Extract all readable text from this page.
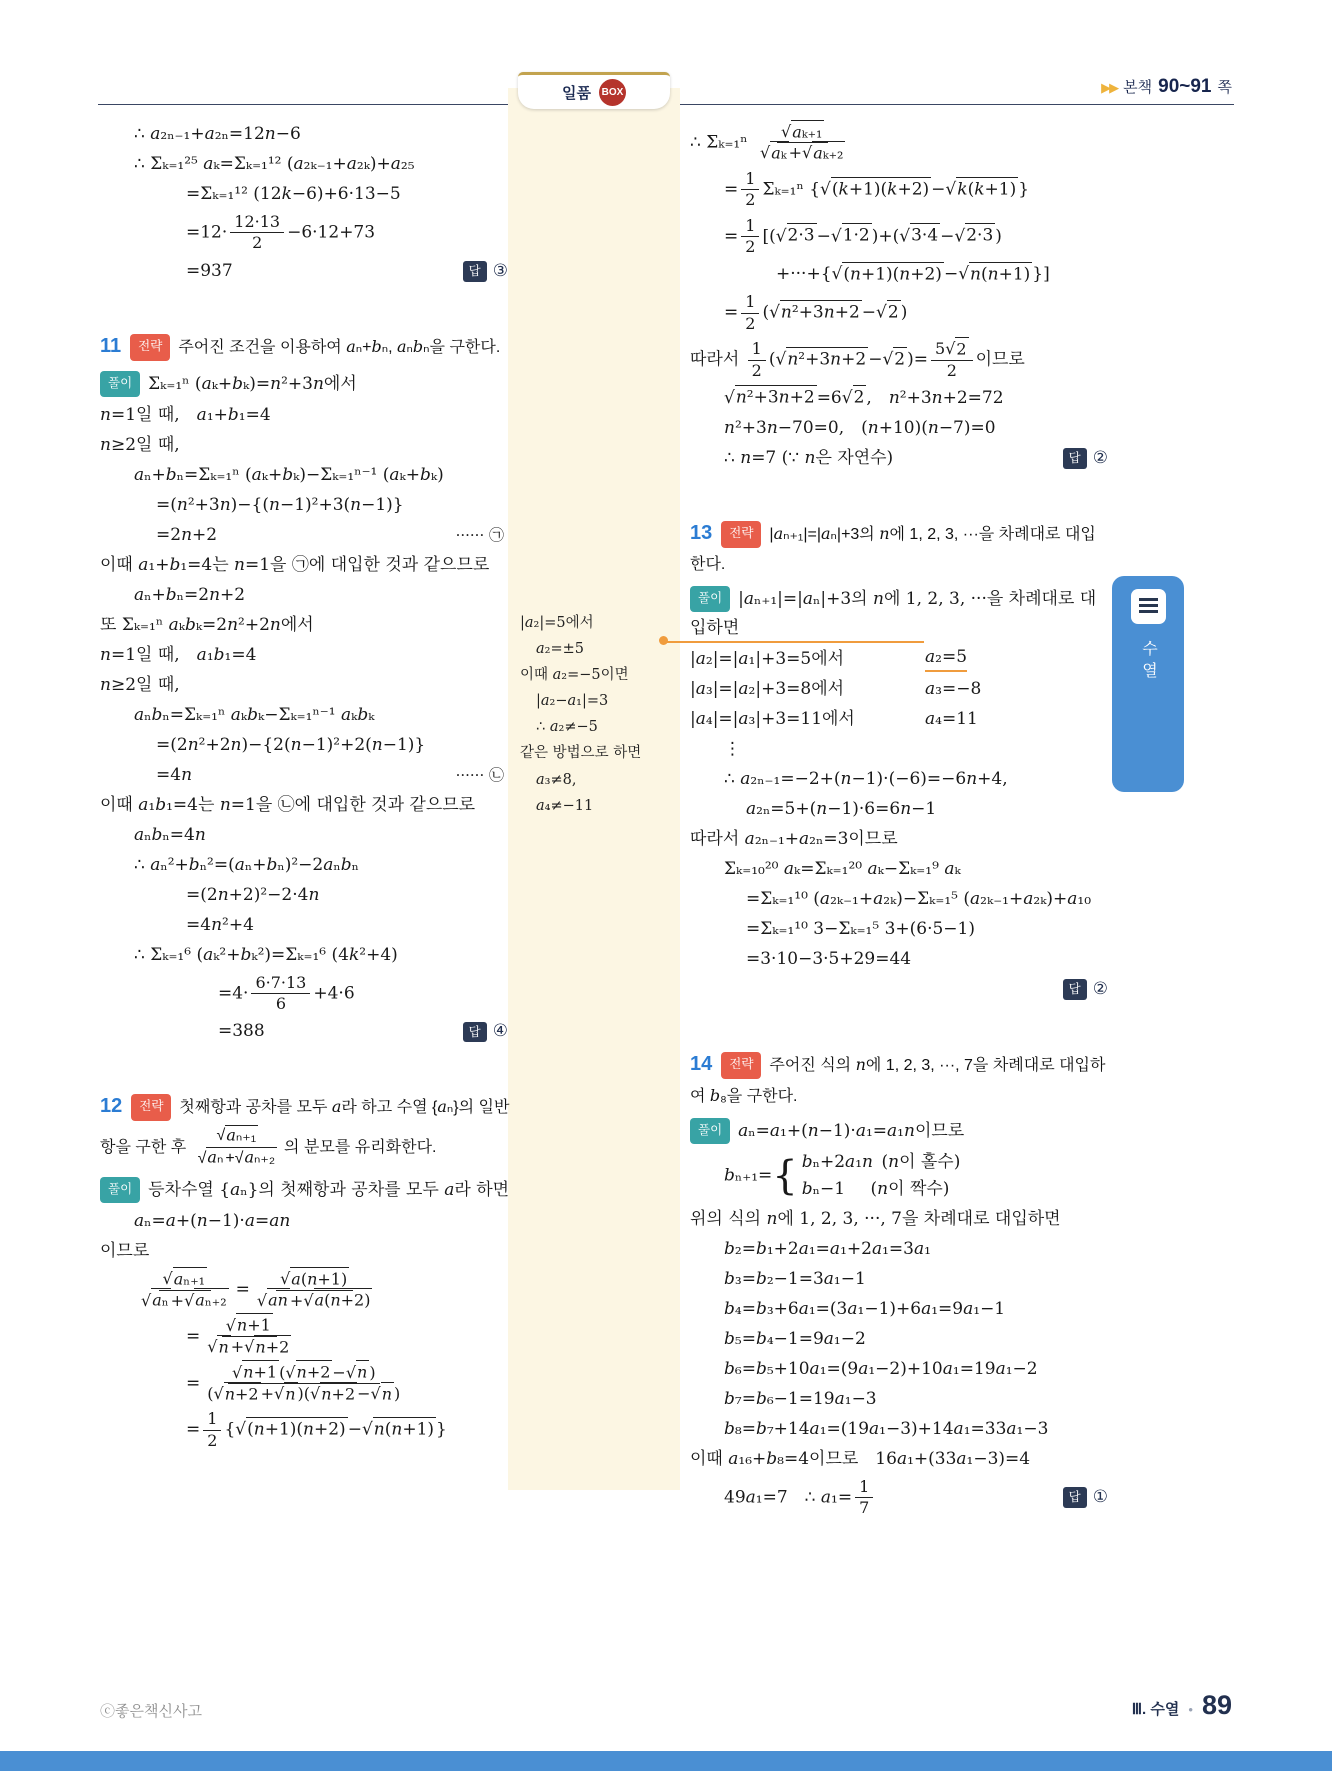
▶▶ 본책 90~91 쪽
일품 BOX
|a₂|=5에서
a₂=±5
이때 a₂=−5이면
|a₂−a₁|=3
∴ a₂≠−5
같은 방법으로 하면
a₃≠8,
a₄≠−11
∴ a₂ₙ₋₁+a₂ₙ=12n−6
∴ Σₖ₌₁²⁵ aₖ=Σₖ₌₁¹² (a₂ₖ₋₁+a₂ₖ)+a₂₅
=Σₖ₌₁¹² (12k−6)+6·13−5
$=12\cdot \frac{12\cdot 13}{2} -6\cdot 12+73$
=937	답 ③
11 전략 주어진 조건을 이용하여 aₙ+bₙ, aₙbₙ을 구한다.
풀이 Σₖ₌₁ⁿ (aₖ+bₖ)=n²+3n에서
n=1일 때, a₁+b₁=4
n≥2일 때,
aₙ+bₙ=Σₖ₌₁ⁿ (aₖ+bₖ)−Σₖ₌₁ⁿ⁻¹ (aₖ+bₖ)
=(n²+3n)−{(n−1)²+3(n−1)}
=2n+2	······ ㉠
이때 a₁+b₁=4는 n=1을 ㉠에 대입한 것과 같으므로
aₙ+bₙ=2n+2
또 Σₖ₌₁ⁿ aₖbₖ=2n²+2n에서
n=1일 때, a₁b₁=4
n≥2일 때,
aₙbₙ=Σₖ₌₁ⁿ aₖbₖ−Σₖ₌₁ⁿ⁻¹ aₖbₖ
=(2n²+2n)−{2(n−1)²+2(n−1)}
=4n	······ ㉡
이때 a₁b₁=4는 n=1을 ㉡에 대입한 것과 같으므로
aₙbₙ=4n
∴ aₙ²+bₙ²=(aₙ+bₙ)²−2aₙbₙ
=(2n+2)²−2·4n
=4n²+4
∴ Σₖ₌₁⁶ (aₖ²+bₖ²)=Σₖ₌₁⁶ (4k²+4)
$=4\cdot \frac{6\cdot 7\cdot 13}{6} +4\cdot 6$
=388	답 ④
12 전략 첫째항과 공차를 모두 a라 하고 수열 {aₙ}의 일반항을 구한 후 $\frac{\text{√aₙ₊₁}}{\text{√aₙ +√aₙ₊₂}}$ 의 분모를 유리화한다.
풀이 등차수열 {aₙ}의 첫째항과 공차를 모두 a라 하면
aₙ=a+(n−1)·a=an
이므로
$\frac{\text{√aₙ₊₁}}{\text{√aₙ +√aₙ₊₂}} = \frac{√a(n+1)}{√an +√a(n+2)}$
= $\frac{√n+1}{√n +√n+2}$
= $\frac{√n+1 (√n+2 -√n )}{(√n+2 +√n )(√n+2 -√n )}$
= $\frac{1}{2} \{√(n+1)(n+2) -√n(n+1)$ }
∴ $\Sigma_{k=1}^n \frac{\text{√aₖ₊₁}}{\text{√aₖ +√aₖ₊₂}}$
= $\frac{1}{2} \Sigma_{k=1}^n$ {√(k+1)(k+2) −√k(k+1) }
= $\frac{1}{2} [(√2\cdot 3 -√1\cdot 2$ )+(√3·4 −√2·3 )
+···+{√(n+1)(n+2) −√n(n+1) }]
= $\frac{1}{2} (√n^2+3n+2 -√2$ )
따라서 $\frac{1}{2} (√n^2+3n+2 -√2$ )= $\frac{5√2}{2}$ 이므로
√n²+3n+2 =6√2 , n²+3n+2=72
n²+3n−70=0, (n+10)(n−7)=0
∴ n=7 (∵ n은 자연수)	답 ②
13 전략 |aₙ₊₁|=|aₙ|+3의 n에 1, 2, 3, ···을 차례대로 대입한다.
풀이 |aₙ₊₁|=|aₙ|+3의 n에 1, 2, 3, ···을 차례대로 대입하면
|a₂|=|a₁|+3=5에서	a₂=5
|a₃|=|a₂|+3=8에서	a₃=−8
|a₄|=|a₃|+3=11에서	a₄=11
⋮
∴ a₂ₙ₋₁=−2+(n−1)·(−6)=−6n+4,
a₂ₙ=5+(n−1)·6=6n−1
따라서 a₂ₙ₋₁+a₂ₙ=3이므로
Σₖ₌₁₀²⁰ aₖ=Σₖ₌₁²⁰ aₖ−Σₖ₌₁⁹ aₖ
=Σₖ₌₁¹⁰ (a₂ₖ₋₁+a₂ₖ)−Σₖ₌₁⁵ (a₂ₖ₋₁+a₂ₖ)+a₁₀
=Σₖ₌₁¹⁰ 3−Σₖ₌₁⁵ 3+(6·5−1)
=3·10−3·5+29=44
답 ②
14 전략 주어진 식의 n에 1, 2, 3, ···, 7을 차례대로 대입하여 b₈을 구한다.
풀이 aₙ=a₁+(n−1)·a₁=a₁n이므로
bₙ₊₁= { bₙ+2a₁n (n이 홀수)
bₙ−1  (n이 짝수)
위의 식의 n에 1, 2, 3, ···, 7을 차례대로 대입하면
b₂=b₁+2a₁=a₁+2a₁=3a₁
b₃=b₂−1=3a₁−1
b₄=b₃+6a₁=(3a₁−1)+6a₁=9a₁−1
b₅=b₄−1=9a₁−2
b₆=b₅+10a₁=(9a₁−2)+10a₁=19a₁−2
b₇=b₆−1=19a₁−3
b₈=b₇+14a₁=(19a₁−3)+14a₁=33a₁−3
이때 a₁₆+b₈=4이므로 16a₁+(33a₁−3)=4
49a₁=7 ∴ $a_1= \frac{1}{7}$	답 ①
수열
ⓒ좋은책신사고	Ⅲ. 수열 • 89
